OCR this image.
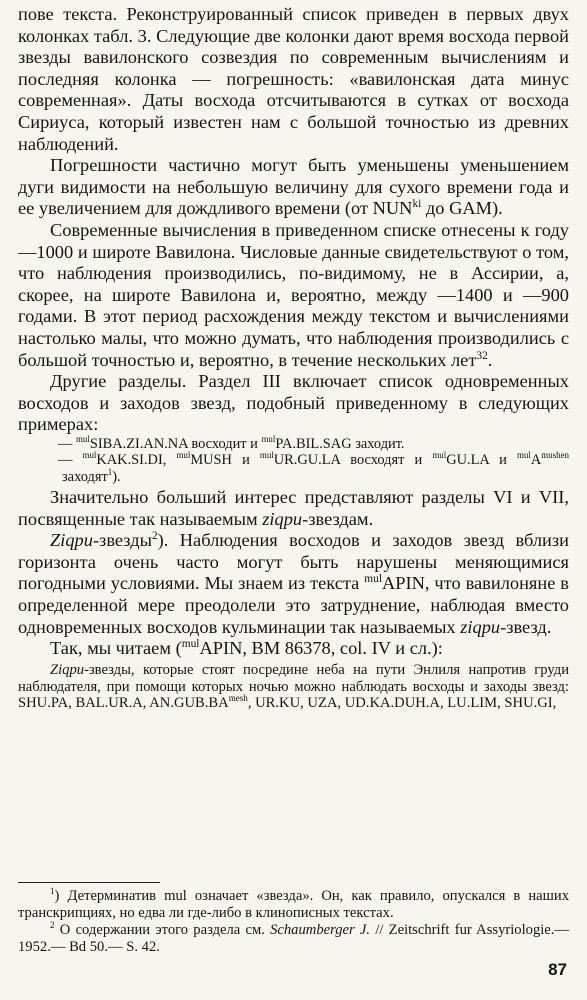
пове текста. Реконструированный список приведен в первых двух колонках табл. 3. Следующие две колонки дают время восхода первой звезды вавилонского созвездия по современным вычислениям и последняя колонка — погрешность: «вавилонская дата минус современная». Даты восхода отсчитываются в сутках от восхода Сириуса, который известен нам с большой точностью из древних наблюдений.

Погрешности частично могут быть уменьшены уменьшением дуги видимости на небольшую величину для сухого времени года и ее увеличением для дождливого времени (от $NUN^{ki}$ до GAM).

Современные вычисления в приведенном списке отнесены к году —1000 и широте Вавилона. Числовые данные свидетельствуют о том, что наблюдения производились, по-видимому, не в Ассирии, а, скорее, на широте Вавилона и, вероятно, между —1400 и —900 годами. В этот период расхождения между текстом и вычислениями настолько малы, что можно думать, что наблюдения производились с большой точностью и, вероятно, в течение нескольких лет$^{32}$.

Другие разделы. Раздел III включает список одновременных восходов и заходов звезд, подобный приведенному в следующих примерах:

— $^{mul}$SIBA.ZI.AN.NA восходит и $^{mul}$PA.BIL.SAG заходит.

— $^{mul}$KAK.SI.DI, $^{mul}$MUSH и $^{mul}$UR.GU.LA восходят и $^{mul}$GU.LA и $^{mul}A^{mushen}$ заходят$^1$).

Значительно больший интерес представляют разделы VI и VII, посвященные так называемым ziqpu-звездам.

Ziqpu-звезды$^2$). Наблюдения восходов и заходов звезд вблизи горизонта очень часто могут быть нарушены меняющимися погодными условиями. Мы знаем из текста $^{mul}$APIN, что вавилоняне в определенной мере преодолели это затруднение, наблюдая вместо одновременных восходов кульминации так называемых ziqpu-звезд.

Так, мы читаем ($^{mul}$APIN, BM 86378, col. IV и сл.):

Ziqpu-звезды, которые стоят посредине неба на пути Энлиля напротив груди наблюдателя, при помощи которых ночью можно наблюдать восходы и заходы звезд: SHU.PA, BAL.UR.A, $AN.GUB.BA^{mesh}$, UR.KU, UZA, UD.KA.DUH.A, LU.LIM, SHU.GI,

$^1$) Детерминатив mul означает «звезда». Он, как правило, опускался в наших транскрипциях, но едва ли где-либо в клинописных текстах.

$^2$ О содержании этого раздела см. Schaumberger J. // Zeitschrift fur Assyriologie.— 1952.— Bd 50.— S. 42.

87
